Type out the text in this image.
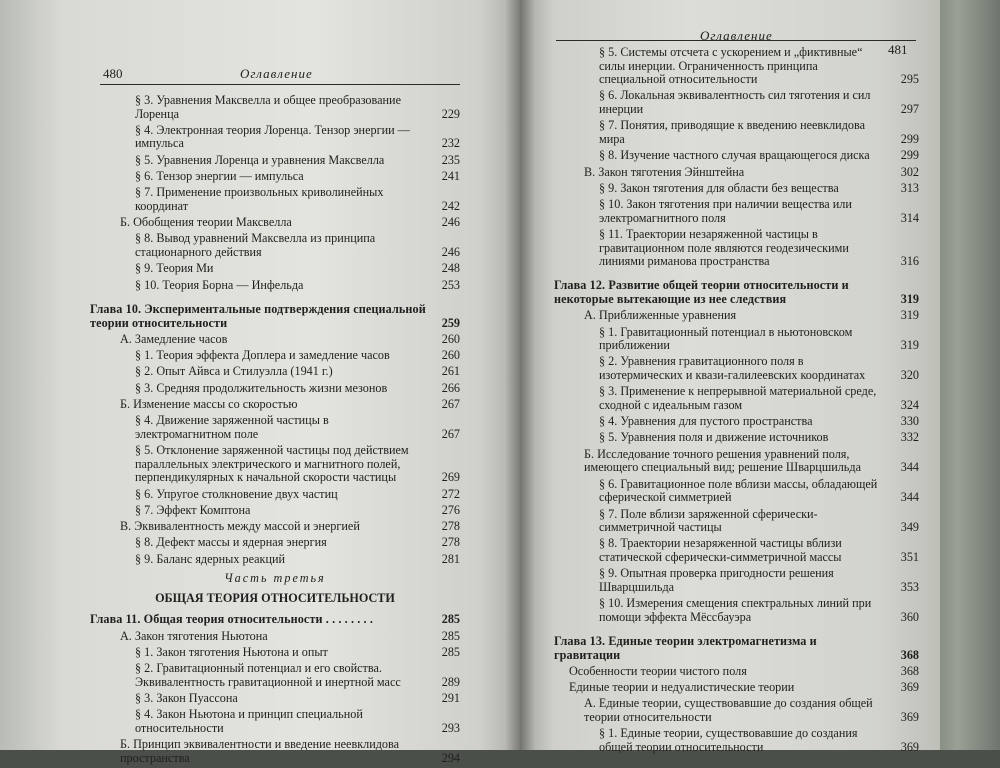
480	Оглавление
§ 3. Уравнения Максвелла и общее преобразование Лоренца	229
§ 4. Электронная теория Лоренца. Тензор энергии — импульса	232
§ 5. Уравнения Лоренца и уравнения Максвелла	235
§ 6. Тензор энергии — импульса	241
§ 7. Применение произвольных криволинейных координат	242
Б. Обобщения теории Максвелла	246
§ 8. Вывод уравнений Максвелла из принципа стационарного действия	246
§ 9. Теория Ми	248
§ 10. Теория Борна — Инфельда	253
Глава 10. Экспериментальные подтверждения специальной теории относительности	259
А. Замедление часов	260
§ 1. Теория эффекта Доплера и замедление часов	260
§ 2. Опыт Айвса и Стилуэлла (1941 г.)	261
§ 3. Средняя продолжительность жизни мезонов	266
Б. Изменение массы со скоростью	267
§ 4. Движение заряженной частицы в электромагнитном поле	267
§ 5. Отклонение заряженной частицы под действием параллельных электрического и магнитного полей, перпендикулярных к начальной скорости частицы	269
§ 6. Упругое столкновение двух частиц	272
§ 7. Эффект Комптона	276
В. Эквивалентность между массой и энергией	278
§ 8. Дефект массы и ядерная энергия	278
§ 9. Баланс ядерных реакций	281
Часть третья
ОБЩАЯ ТЕОРИЯ ОТНОСИТЕЛЬНОСТИ
Глава 11. Общая теория относительности . . . . . . . .	285
А. Закон тяготения Ньютона	285
§ 1. Закон тяготения Ньютона и опыт	285
§ 2. Гравитационный потенциал и его свойства. Эквивалентность гравитационной и инертной масс	289
§ 3. Закон Пуассона	291
§ 4. Закон Ньютона и принцип специальной относительности	293
Б. Принцип эквивалентности и введение неевклидова пространства	294
Оглавление
481
§ 5. Системы отсчета с ускорением и „фиктивные“ силы инерции. Ограниченность принципа специальной относительности	295
§ 6. Локальная эквивалентность сил тяготения и сил инерции	297
§ 7. Понятия, приводящие к введению неевклидова мира	299
§ 8. Изучение частного случая вращающегося диска	299
В. Закон тяготения Эйнштейна	302
§ 9. Закон тяготения для области без вещества	313
§ 10. Закон тяготения при наличии вещества или электромагнитного поля	314
§ 11. Траектории незаряженной частицы в гравитационном поле являются геодезическими линиями риманова пространства	316
Глава 12. Развитие общей теории относительности и некоторые вытекающие из нее следствия	319
А. Приближенные уравнения	319
§ 1. Гравитационный потенциал в ньютоновском приближении	319
§ 2. Уравнения гравитационного поля в изотермических и квази-галилеевских координатах	320
§ 3. Применение к непрерывной материальной среде, сходной с идеальным газом	324
§ 4. Уравнения для пустого пространства	330
§ 5. Уравнения поля и движение источников	332
Б. Исследование точного решения уравнений поля, имеющего специальный вид; решение Шварцшильда	344
§ 6. Гравитационное поле вблизи массы, обладающей сферической симметрией	344
§ 7. Поле вблизи заряженной сферически-симметричной частицы	349
§ 8. Траектории незаряженной частицы вблизи статической сферически-симметричной массы	351
§ 9. Опытная проверка пригодности решения Шварцшильда	353
§ 10. Измерения смещения спектральных линий при помощи эффекта Мёссбауэра	360
Глава 13. Единые теории электромагнетизма и гравитации	368
Особенности теории чистого поля	368
Единые теории и недуалистические теории	369
А. Единые теории, существовавшие до создания общей теории относительности	369
§ 1. Единые теории, существовавшие до создания общей теории относительности	369
